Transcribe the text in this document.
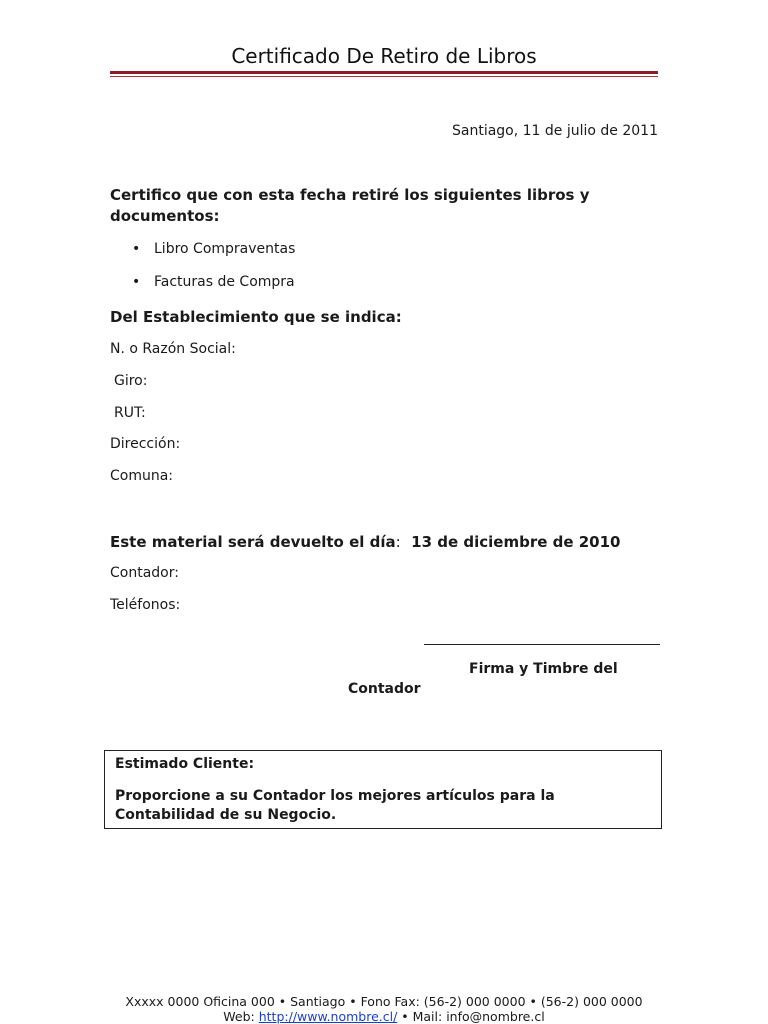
Certificado De Retiro de Libros
Santiago, 11 de julio de 2011
Certifico que con esta fecha retiré los siguientes libros y documentos:
• Libro Compraventas
• Facturas de Compra
Del Establecimiento que se indica:
N. o Razón Social:
Giro:
RUT:
Dirección:
Comuna:
Este material será devuelto el día: 13 de diciembre de 2010
Contador:
Teléfonos:
Firma y Timbre del
Contador
Estimado Cliente:
Proporcione a su Contador los mejores artículos para la Contabilidad de su Negocio.
Xxxxx 0000 Oficina 000 • Santiago • Fono Fax: (56-2) 000 0000 • (56-2) 000 0000
Web: http://www.nombre.cl/ • Mail: info@nombre.cl
